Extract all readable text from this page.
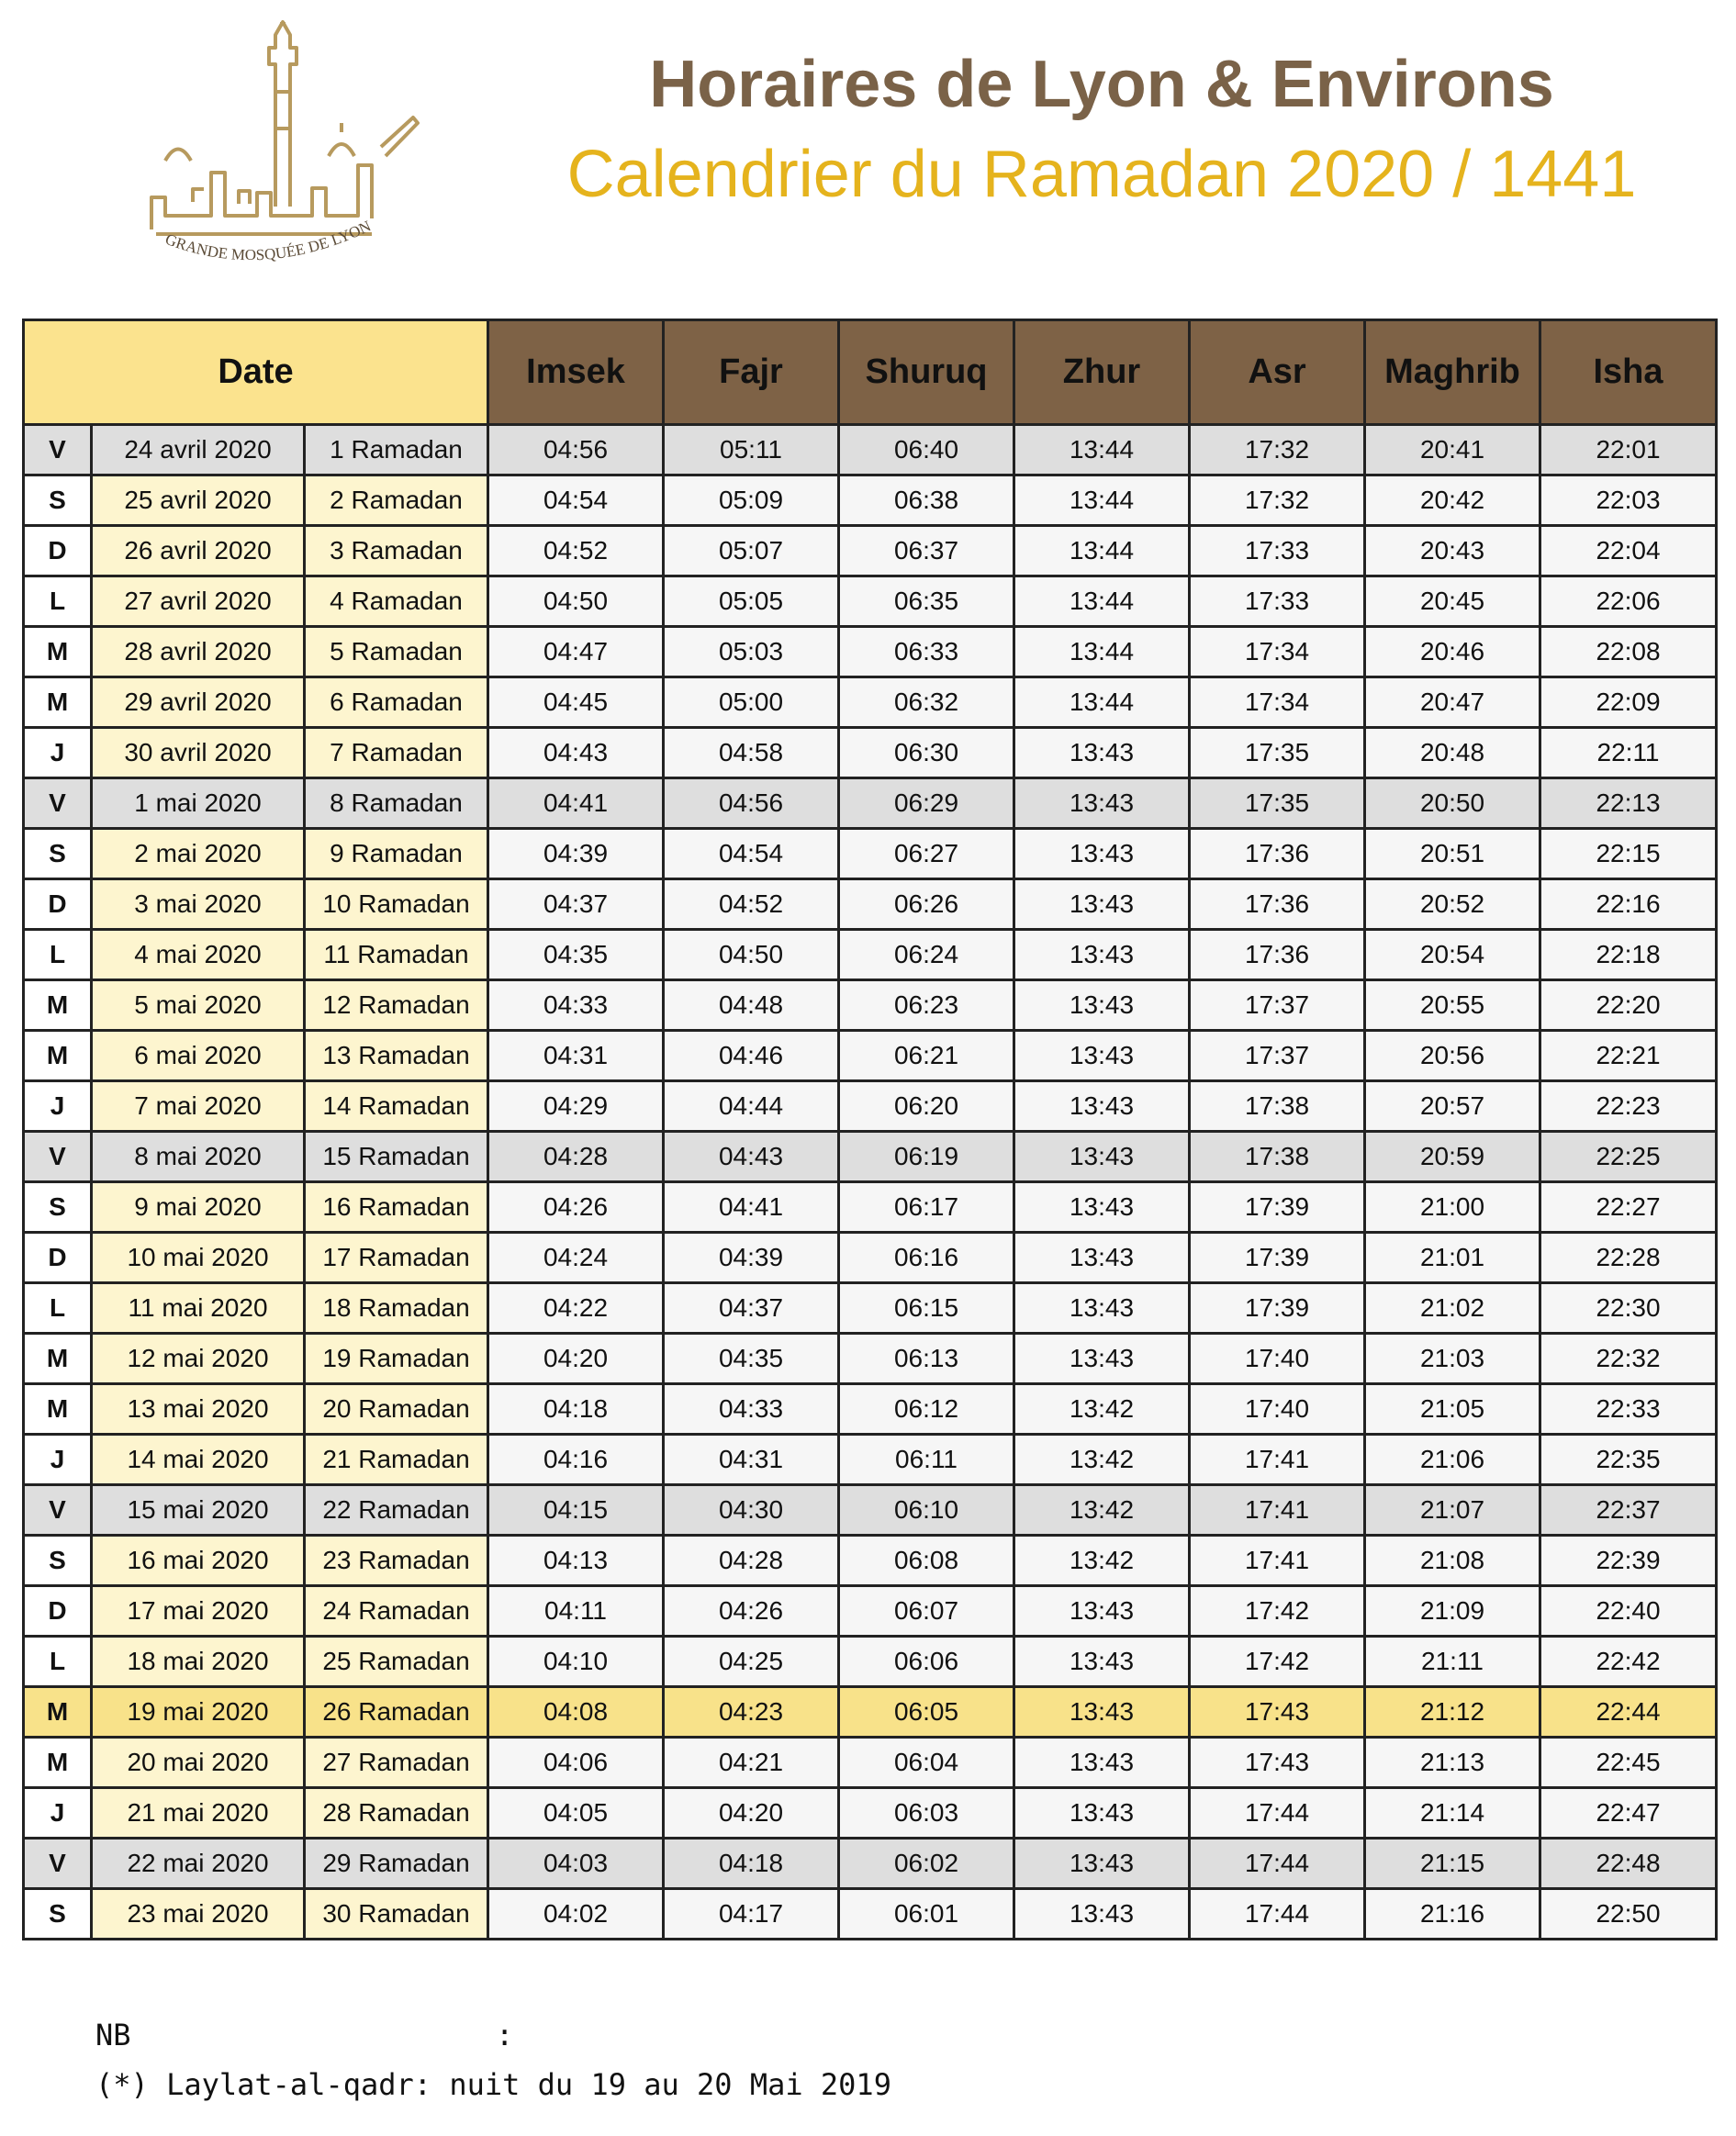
GRANDE MOSQUÉE DE LYON
Horaires de Lyon & Environs
Calendrier du Ramadan 2020 / 1441
Date			Imsek	Fajr	Shuruq	Zhur	Asr	Maghrib	Isha
V	24 avril 2020	1 Ramadan	04:56	05:11	06:40	13:44	17:32	20:41	22:01
S	25 avril 2020	2 Ramadan	04:54	05:09	06:38	13:44	17:32	20:42	22:03
D	26 avril 2020	3 Ramadan	04:52	05:07	06:37	13:44	17:33	20:43	22:04
L	27 avril 2020	4 Ramadan	04:50	05:05	06:35	13:44	17:33	20:45	22:06
M	28 avril 2020	5 Ramadan	04:47	05:03	06:33	13:44	17:34	20:46	22:08
M	29 avril 2020	6 Ramadan	04:45	05:00	06:32	13:44	17:34	20:47	22:09
J	30 avril 2020	7 Ramadan	04:43	04:58	06:30	13:43	17:35	20:48	22:11
V	1 mai 2020	8 Ramadan	04:41	04:56	06:29	13:43	17:35	20:50	22:13
S	2 mai 2020	9 Ramadan	04:39	04:54	06:27	13:43	17:36	20:51	22:15
D	3 mai 2020	10 Ramadan	04:37	04:52	06:26	13:43	17:36	20:52	22:16
L	4 mai 2020	11 Ramadan	04:35	04:50	06:24	13:43	17:36	20:54	22:18
M	5 mai 2020	12 Ramadan	04:33	04:48	06:23	13:43	17:37	20:55	22:20
M	6 mai 2020	13 Ramadan	04:31	04:46	06:21	13:43	17:37	20:56	22:21
J	7 mai 2020	14 Ramadan	04:29	04:44	06:20	13:43	17:38	20:57	22:23
V	8 mai 2020	15 Ramadan	04:28	04:43	06:19	13:43	17:38	20:59	22:25
S	9 mai 2020	16 Ramadan	04:26	04:41	06:17	13:43	17:39	21:00	22:27
D	10 mai 2020	17 Ramadan	04:24	04:39	06:16	13:43	17:39	21:01	22:28
L	11 mai 2020	18 Ramadan	04:22	04:37	06:15	13:43	17:39	21:02	22:30
M	12 mai 2020	19 Ramadan	04:20	04:35	06:13	13:43	17:40	21:03	22:32
M	13 mai 2020	20 Ramadan	04:18	04:33	06:12	13:42	17:40	21:05	22:33
J	14 mai 2020	21 Ramadan	04:16	04:31	06:11	13:42	17:41	21:06	22:35
V	15 mai 2020	22 Ramadan	04:15	04:30	06:10	13:42	17:41	21:07	22:37
S	16 mai 2020	23 Ramadan	04:13	04:28	06:08	13:42	17:41	21:08	22:39
D	17 mai 2020	24 Ramadan	04:11	04:26	06:07	13:43	17:42	21:09	22:40
L	18 mai 2020	25 Ramadan	04:10	04:25	06:06	13:43	17:42	21:11	22:42
M	19 mai 2020	26 Ramadan	04:08	04:23	06:05	13:43	17:43	21:12	22:44
M	20 mai 2020	27 Ramadan	04:06	04:21	06:04	13:43	17:43	21:13	22:45
J	21 mai 2020	28 Ramadan	04:05	04:20	06:03	13:43	17:44	21:14	22:47
V	22 mai 2020	29 Ramadan	04:03	04:18	06:02	13:43	17:44	21:15	22:48
S	23 mai 2020	30 Ramadan	04:02	04:17	06:01	13:43	17:44	21:16	22:50
NB	:
(*) Laylat-al-qadr: nuit du 19 au 20 Mai 2019
